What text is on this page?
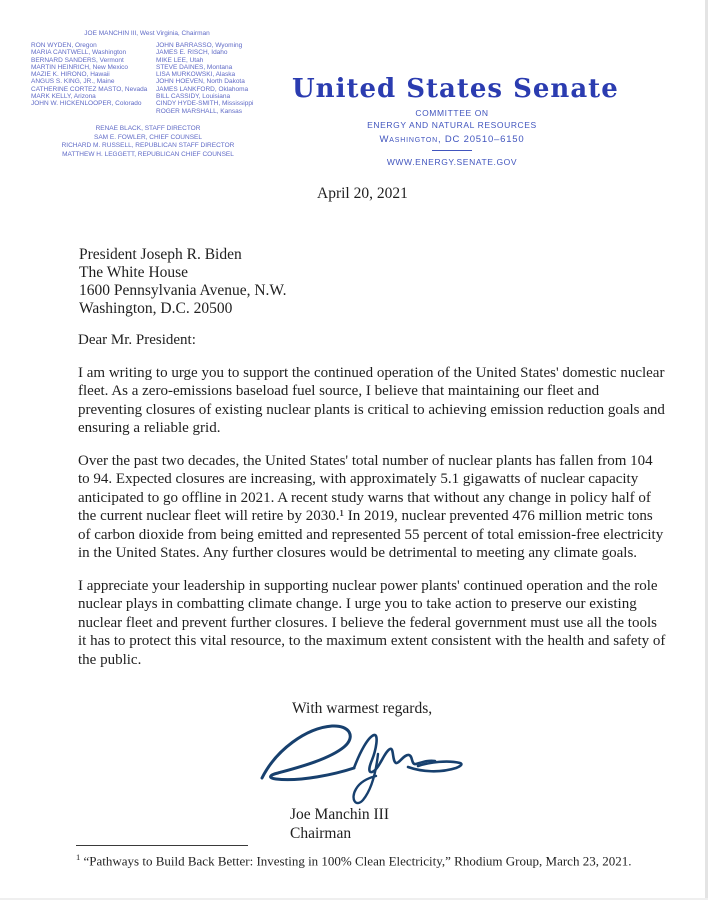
JOE MANCHIN III, West Virginia, Chairman
RON WYDEN, Oregon
MARIA CANTWELL, Washington
BERNARD SANDERS, Vermont
MARTIN HEINRICH, New Mexico
MAZIE K. HIRONO, Hawaii
ANGUS S. KING, JR., Maine
CATHERINE CORTEZ MASTO, Nevada
MARK KELLY, Arizona
JOHN W. HICKENLOOPER, Colorado
JOHN BARRASSO, Wyoming
JAMES E. RISCH, Idaho
MIKE LEE, Utah
STEVE DAINES, Montana
LISA MURKOWSKI, Alaska
JOHN HOEVEN, North Dakota
JAMES LANKFORD, Oklahoma
BILL CASSIDY, Louisiana
CINDY HYDE-SMITH, Mississippi
ROGER MARSHALL, Kansas
RENAE BLACK, STAFF DIRECTOR
SAM E. FOWLER, CHIEF COUNSEL
RICHARD M. RUSSELL, REPUBLICAN STAFF DIRECTOR
MATTHEW H. LEGGETT, REPUBLICAN CHIEF COUNSEL
United States Senate
COMMITTEE ON
ENERGY AND NATURAL RESOURCES
Washington, DC 20510–6150
WWW.ENERGY.SENATE.GOV
April 20, 2021
President Joseph R. Biden
The White House
1600 Pennsylvania Avenue, N.W.
Washington, D.C. 20500

Dear Mr. President:

I am writing to urge you to support the continued operation of the United States' domestic nuclear fleet. As a zero-emissions baseload fuel source, I believe that maintaining our fleet and preventing closures of existing nuclear plants is critical to achieving emission reduction goals and ensuring a reliable grid.

Over the past two decades, the United States' total number of nuclear plants has fallen from 104 to 94. Expected closures are increasing, with approximately 5.1 gigawatts of nuclear capacity anticipated to go offline in 2021. A recent study warns that without any change in policy half of the current nuclear fleet will retire by 2030.¹ In 2019, nuclear prevented 476 million metric tons of carbon dioxide from being emitted and represented 55 percent of total emission-free electricity in the United States. Any further closures would be detrimental to meeting any climate goals.

I appreciate your leadership in supporting nuclear power plants' continued operation and the role nuclear plays in combatting climate change. I urge you to take action to preserve our existing nuclear fleet and prevent further closures. I believe the federal government must use all the tools it has to protect this vital resource, to the maximum extent consistent with the health and safety of the public.

With warmest regards,
Joe Manchin III
Chairman
$^1$ “Pathways to Build Back Better: Investing in 100% Clean Electricity,” Rhodium Group, March 23, 2021.
